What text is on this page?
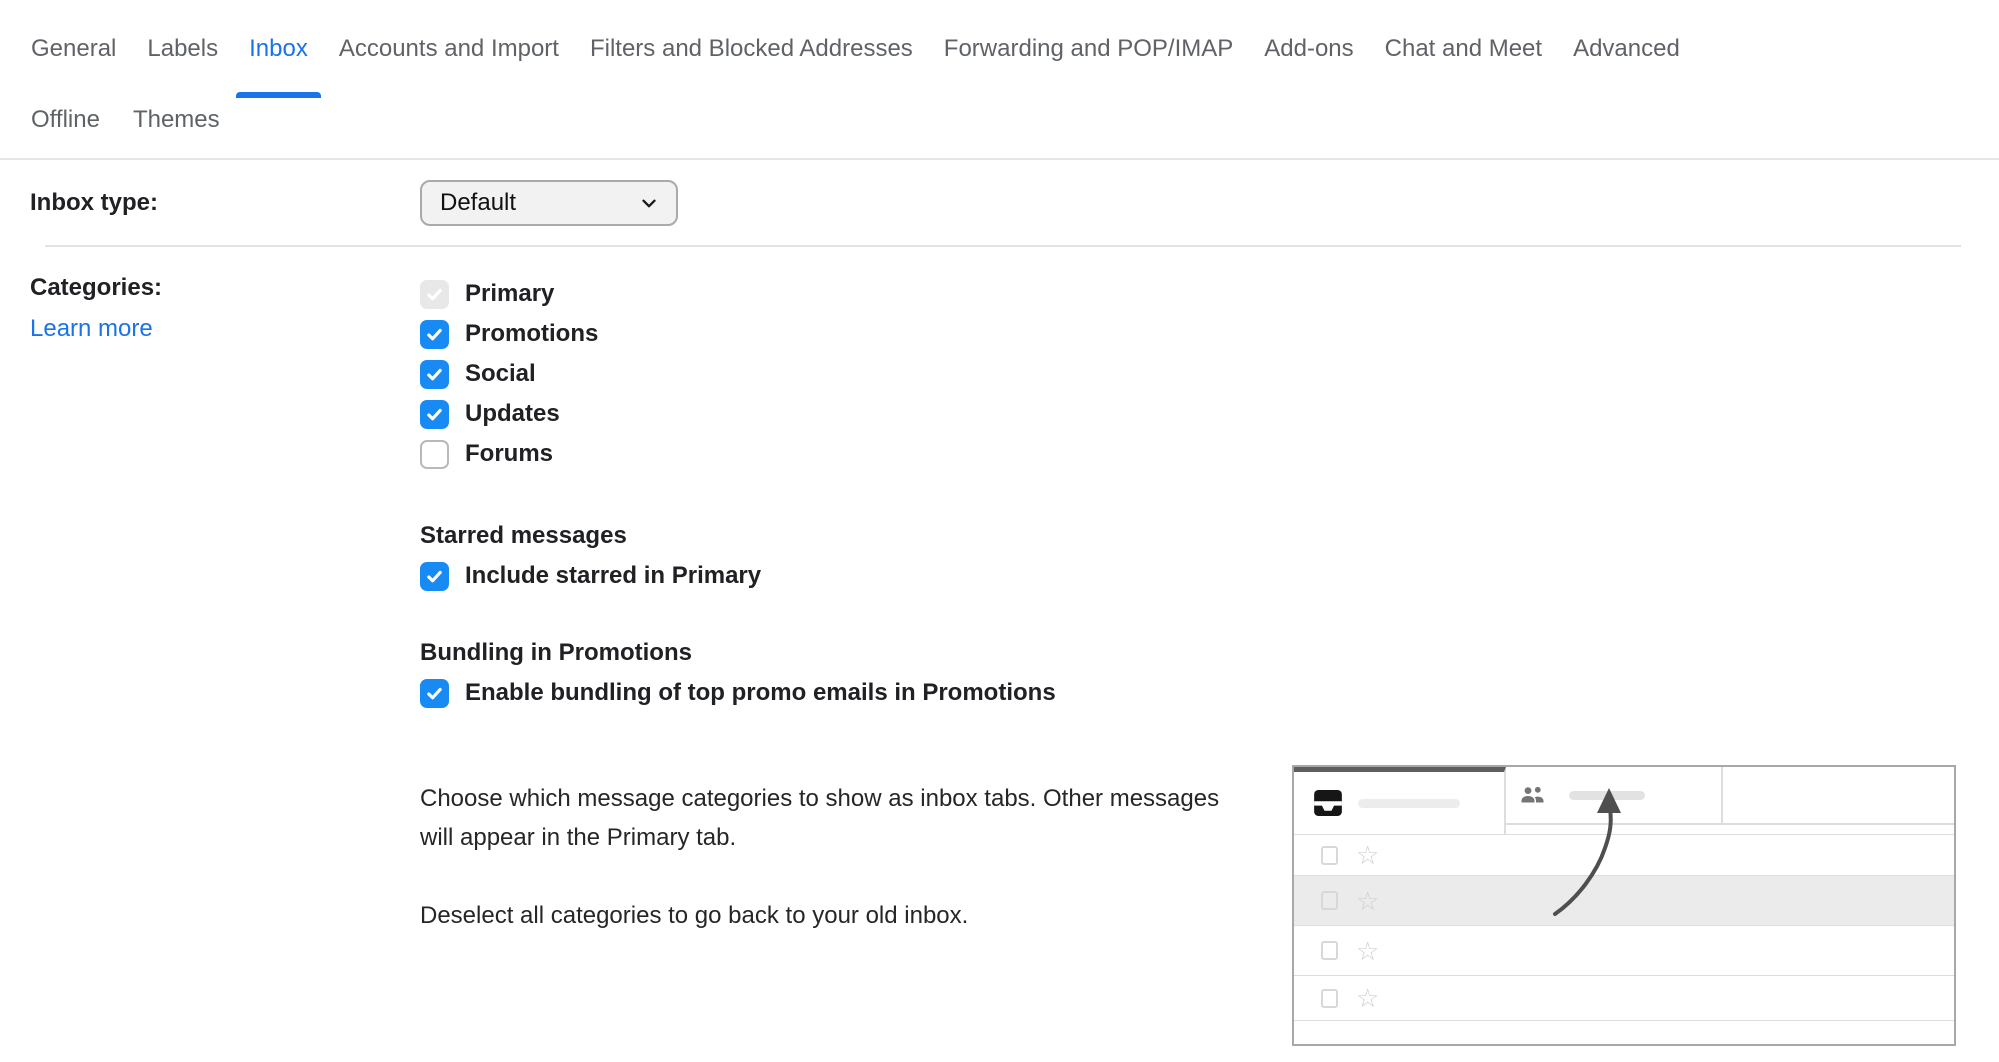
General Labels Inbox Accounts and Import Filters and Blocked Addresses Forwarding and POP/IMAP Add-ons Chat and Meet Advanced
Offline Themes
Inbox type:	Default
Categories:
Learn more
Primary
Promotions
Social
Updates
Forums
Starred messages
Include starred in Primary
Bundling in Promotions
Enable bundling of top promo emails in Promotions

Choose which message categories to show as inbox tabs. Other messages will appear in the Primary tab.

Deselect all categories to go back to your old inbox.

☆
☆
☆
☆
